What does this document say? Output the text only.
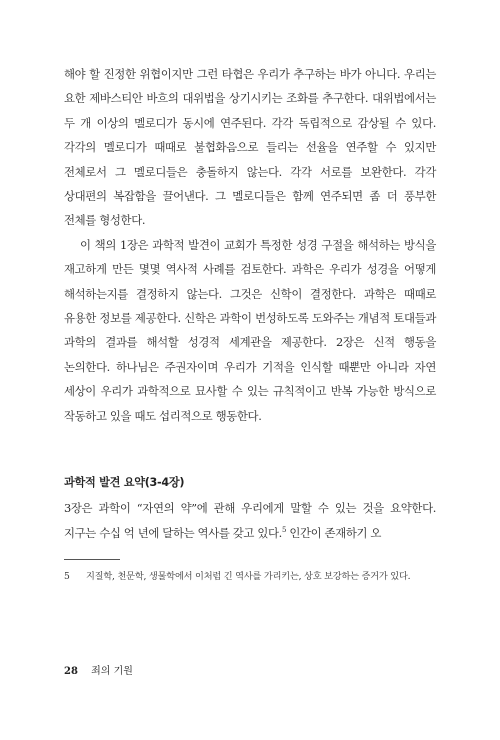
해야 할 진정한 위협이지만 그런 타협은 우리가 추구하는 바가 아니다. 우리는 요한 제바스티안 바흐의 대위법을 상기시키는 조화를 추구한다. 대위법에서는 두 개 이상의 멜로디가 동시에 연주된다. 각각 독립적으로 감상될 수 있다. 각각의 멜로디가 때때로 불협화음으로 들리는 선율을 연주할 수 있지만 전체로서 그 멜로디들은 충돌하지 않는다. 각각 서로를 보완한다. 각각 상대편의 복잡함을 끌어낸다. 그 멜로디들은 함께 연주되면 좀 더 풍부한 전체를 형성한다.

이 책의 1장은 과학적 발견이 교회가 특정한 성경 구절을 해석하는 방식을 재고하게 만든 몇몇 역사적 사례를 검토한다. 과학은 우리가 성경을 어떻게 해석하는지를 결정하지 않는다. 그것은 신학이 결정한다. 과학은 때때로 유용한 정보를 제공한다. 신학은 과학이 번성하도록 도와주는 개념적 토대들과 과학의 결과를 해석할 성경적 세계관을 제공한다. 2장은 신적 행동을 논의한다. 하나님은 주권자이며 우리가 기적을 인식할 때뿐만 아니라 자연 세상이 우리가 과학적으로 묘사할 수 있는 규칙적이고 반복 가능한 방식으로 작동하고 있을 때도 섭리적으로 행동한다.

과학적 발견 요약(3-4장)

3장은 과학이 “자연의 약”에 관해 우리에게 말할 수 있는 것을 요약한다. 지구는 수십 억 년에 달하는 역사를 갖고 있다.$^5$ 인간이 존재하기 오

5	지질학, 천문학, 생물학에서 이처럼 긴 역사를 가리키는, 상호 보강하는 증거가 있다.
28 죄의 기원
